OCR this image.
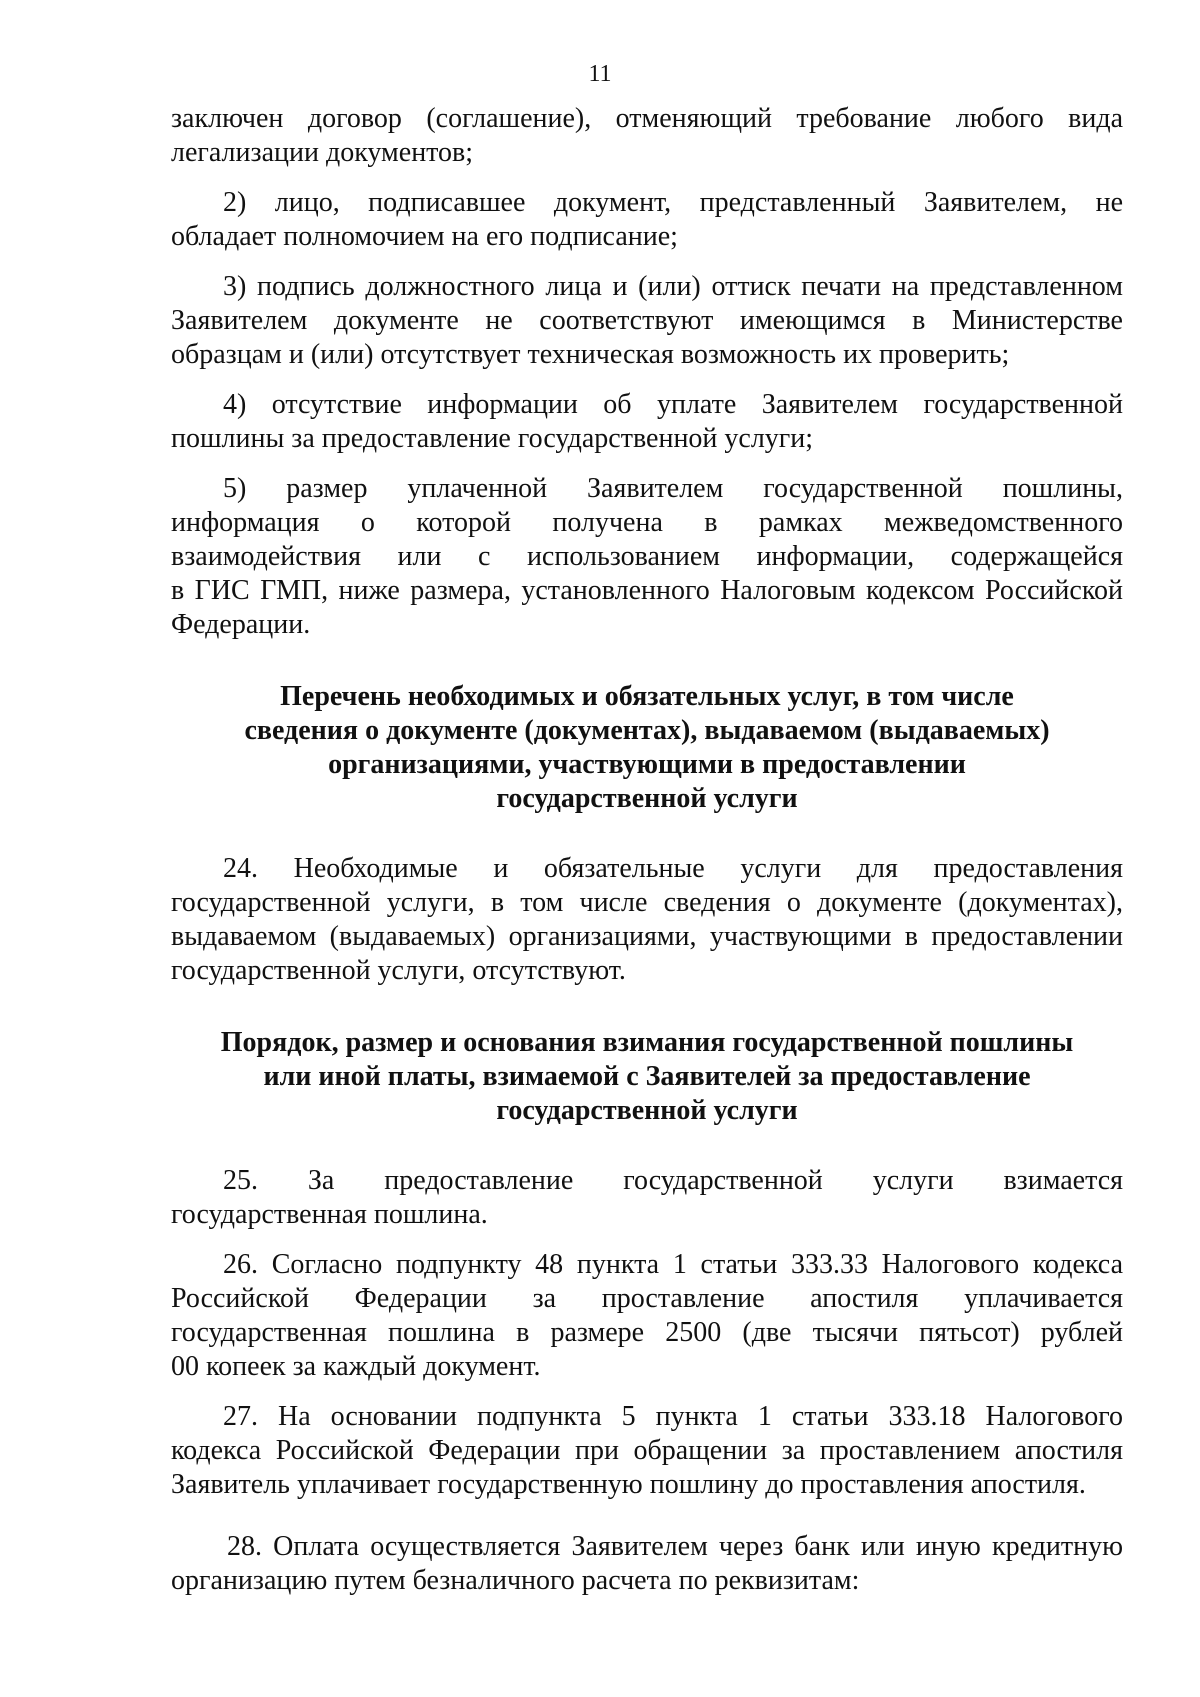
11

заключен договор (соглашение), отменяющий требование любого вида
легализации документов;

2) лицо, подписавшее документ, представленный Заявителем, не
обладает полномочием на его подписание;

3) подпись должностного лица и (или) оттиск печати на представленном
Заявителем документе не соответствуют имеющимся в Министерстве
образцам и (или) отсутствует техническая возможность их проверить;

4) отсутствие информации об уплате Заявителем государственной
пошлины за предоставление государственной услуги;

5) размер уплаченной Заявителем государственной пошлины,
информация о которой получена в рамках межведомственного
взаимодействия или с использованием информации, содержащейся
в ГИС ГМП, ниже размера, установленного Налоговым кодексом Российской
Федерации.

Перечень необходимых и обязательных услуг, в том числе
сведения о документе (документах), выдаваемом (выдаваемых)
организациями, участвующими в предоставлении
государственной услуги

24. Необходимые и обязательные услуги для предоставления
государственной услуги, в том числе сведения о документе (документах),
выдаваемом (выдаваемых) организациями, участвующими в предоставлении
государственной услуги, отсутствуют.

Порядок, размер и основания взимания государственной пошлины
или иной платы, взимаемой с Заявителей за предоставление
государственной услуги

25. За предоставление государственной услуги взимается
государственная пошлина.

26. Согласно подпункту 48 пункта 1 статьи 333.33 Налогового кодекса
Российской Федерации за проставление апостиля уплачивается
государственная пошлина в размере 2500 (две тысячи пятьсот) рублей
00 копеек за каждый документ.

27. На основании подпункта 5 пункта 1 статьи 333.18 Налогового
кодекса Российской Федерации при обращении за проставлением апостиля
Заявитель уплачивает государственную пошлину до проставления апостиля.

28. Оплата осуществляется Заявителем через банк или иную кредитную
организацию путем безналичного расчета по реквизитам:
